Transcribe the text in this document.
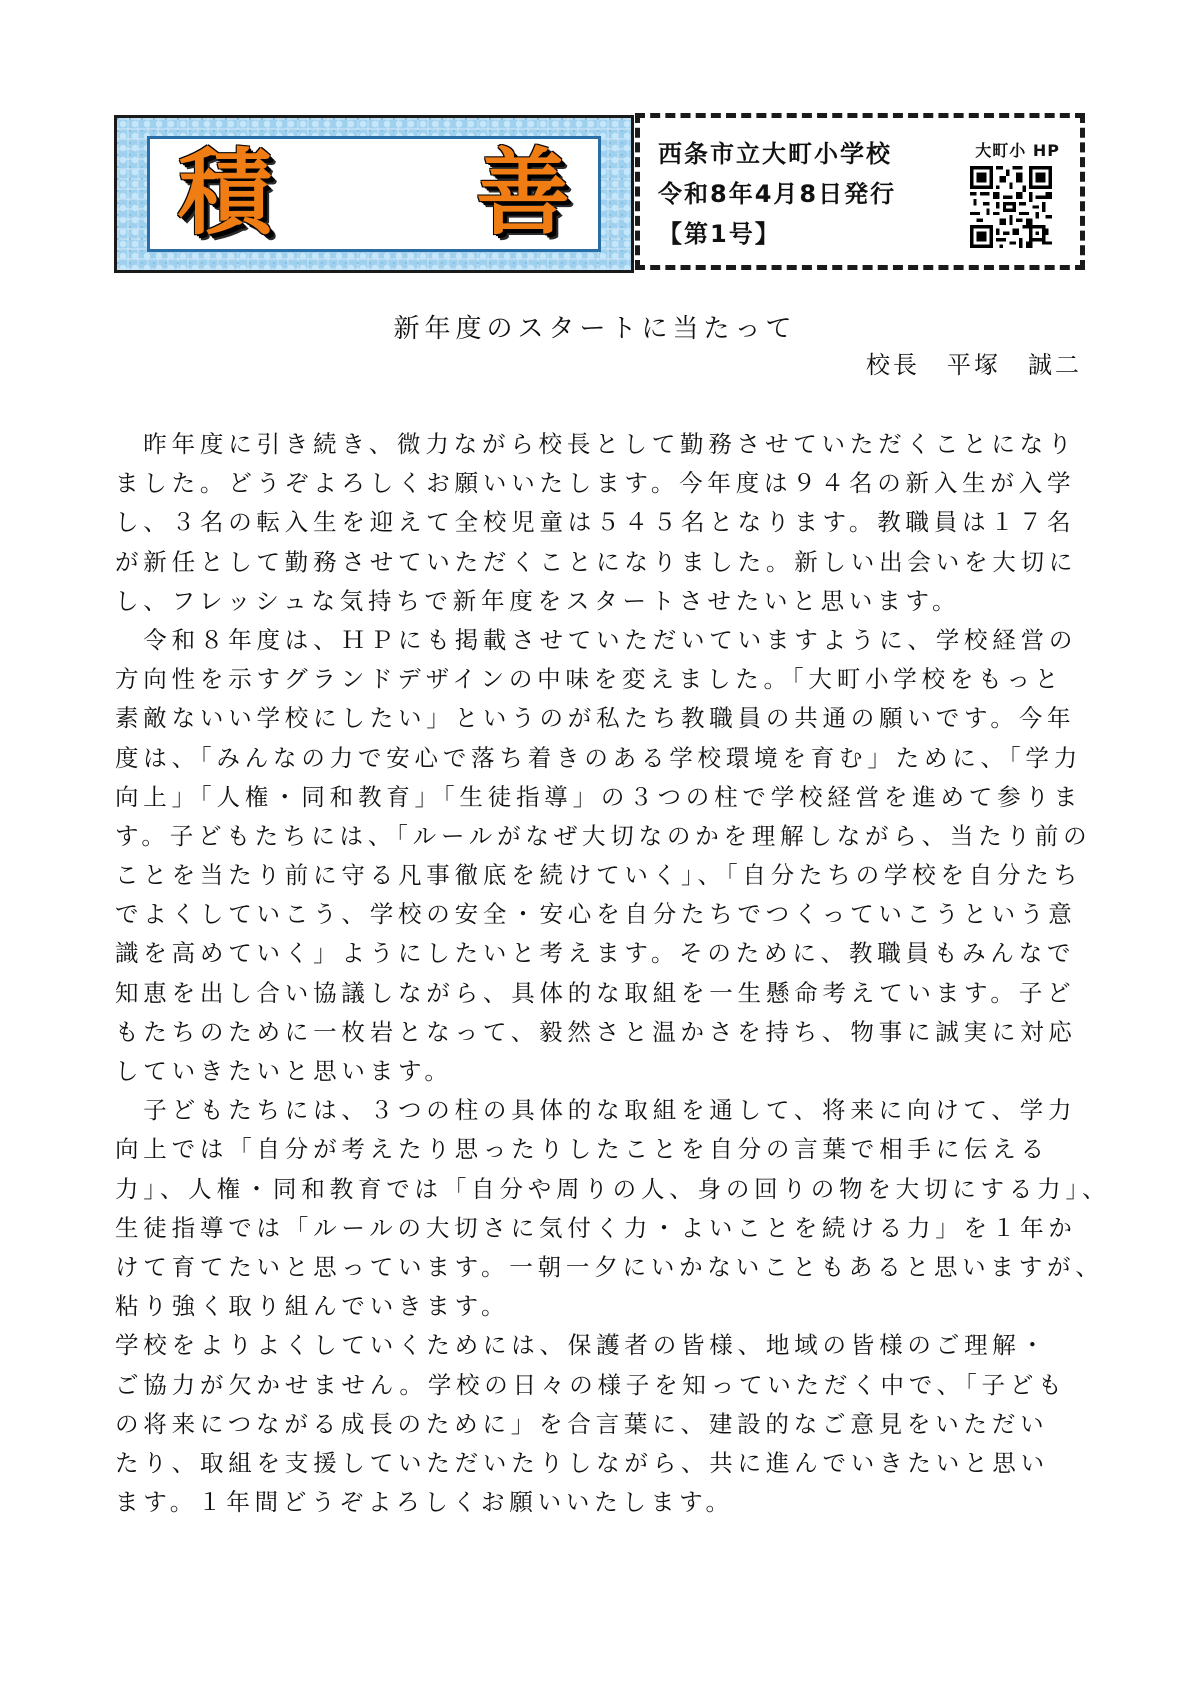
積 善	西条市立大町小学校
令和8年4月8日発行
【第1号】
大町小 HP
新年度のスタートに当たって
校長　平塚　誠二
　昨年度に引き続き、微力ながら校長として勤務させていただくことになり
ました。どうぞよろしくお願いいたします。今年度は９４名の新入生が入学
し、３名の転入生を迎えて全校児童は５４５名となります。教職員は１７名
が新任として勤務させていただくことになりました。新しい出会いを大切に
し、フレッシュな気持ちで新年度をスタートさせたいと思います。
　令和８年度は、ＨＰにも掲載させていただいていますように、学校経営の
方向性を示すグランドデザインの中味を変えました。「大町小学校をもっと
素敵ないい学校にしたい」というのが私たち教職員の共通の願いです。今年
度は、「みんなの力で安心で落ち着きのある学校環境を育む」ために、「学力
向上」「人権・同和教育」「生徒指導」の３つの柱で学校経営を進めて参りま
す。子どもたちには、「ルールがなぜ大切なのかを理解しながら、当たり前の
ことを当たり前に守る凡事徹底を続けていく」、「自分たちの学校を自分たち
でよくしていこう、学校の安全・安心を自分たちでつくっていこうという意
識を高めていく」ようにしたいと考えます。そのために、教職員もみんなで
知恵を出し合い協議しながら、具体的な取組を一生懸命考えています。子ど
もたちのために一枚岩となって、毅然さと温かさを持ち、物事に誠実に対応
していきたいと思います。
　子どもたちには、３つの柱の具体的な取組を通して、将来に向けて、学力
向上では「自分が考えたり思ったりしたことを自分の言葉で相手に伝える
力」、人権・同和教育では「自分や周りの人、身の回りの物を大切にする力」、
生徒指導では「ルールの大切さに気付く力・よいことを続ける力」を１年か
けて育てたいと思っています。一朝一夕にいかないこともあると思いますが、
粘り強く取り組んでいきます。
学校をよりよくしていくためには、保護者の皆様、地域の皆様のご理解・
ご協力が欠かせません。学校の日々の様子を知っていただく中で、「子ども
の将来につながる成長のために」を合言葉に、建設的なご意見をいただい
たり、取組を支援していただいたりしながら、共に進んでいきたいと思い
ます。１年間どうぞよろしくお願いいたします。
